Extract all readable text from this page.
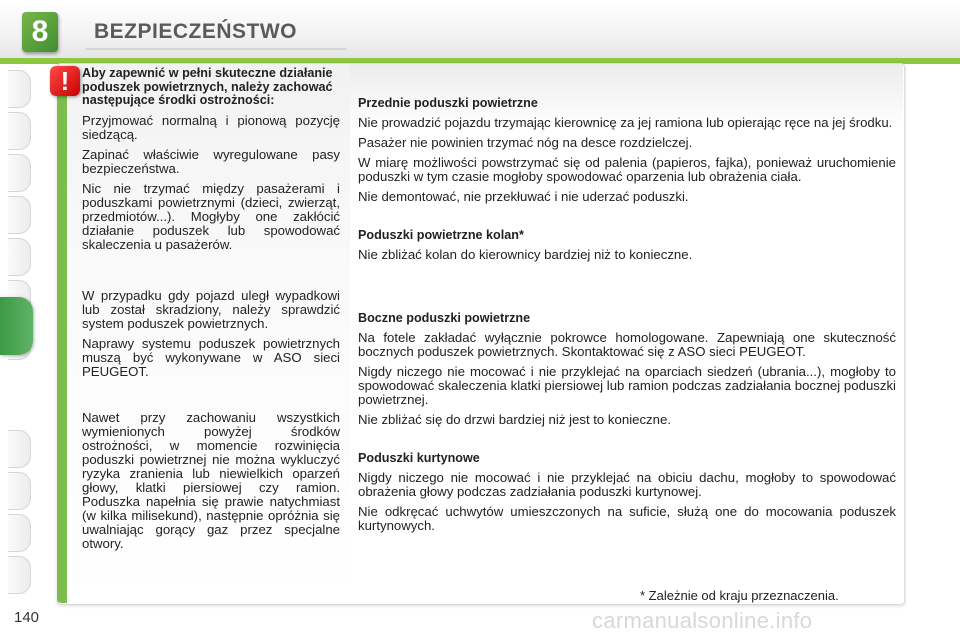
8	BEZPIECZEŃSTWO
!	Aby zapewnić w pełni skuteczne działanie poduszek powietrznych, należy zachować następujące środki ostrożności:

Przyjmować normalną i pionową pozycję siedzącą.

Zapinać właściwie wyregulowane pasy bezpieczeństwa.

Nic nie trzymać między pasażerami i poduszkami powietrznymi (dzieci, zwierząt, przedmiotów...). Mogłyby one zakłócić działanie poduszek lub spowodować skaleczenia u pasażerów.

W przypadku gdy pojazd uległ wypadkowi lub został skradziony, należy sprawdzić system poduszek powietrznych.

Naprawy systemu poduszek powietrznych muszą być wykonywane w ASO sieci PEUGEOT.

Nawet przy zachowaniu wszystkich wymienionych powyżej środków ostrożności, w momencie rozwinięcia poduszki powietrznej nie można wykluczyć ryzyka zranienia lub niewielkich oparzeń głowy, klatki piersiowej czy ramion. Poduszka napełnia się prawie natychmiast (w kilka milisekund), następnie opróżnia się uwalniając gorący gaz przez specjalne otwory.

Przednie poduszki powietrzne

Nie prowadzić pojazdu trzymając kierownicę za jej ramiona lub opierając ręce na jej środku.

Pasażer nie powinien trzymać nóg na desce rozdzielczej.

W miarę możliwości powstrzymać się od palenia (papieros, fajka), ponieważ uruchomienie poduszki w tym czasie mogłoby spowodować oparzenia lub obrażenia ciała.

Nie demontować, nie przekłuwać i nie uderzać poduszki.

Poduszki powietrzne kolan*

Nie zbliżać kolan do kierownicy bardziej niż to konieczne.

Boczne poduszki powietrzne

Na fotele zakładać wyłącznie pokrowce homologowane. Zapewniają one skuteczność bocznych poduszek powietrznych. Skontaktować się z ASO sieci PEUGEOT.

Nigdy niczego nie mocować i nie przyklejać na oparciach siedzeń (ubrania...), mogłoby to spowodować skaleczenia klatki piersiowej lub ramion podczas zadziałania bocznej poduszki powietrznej.

Nie zbliżać się do drzwi bardziej niż jest to konieczne.

Poduszki kurtynowe

Nigdy niczego nie mocować i nie przyklejać na obiciu dachu, mogłoby to spowodować obrażenia głowy podczas zadziałania poduszki kurtynowej.

Nie odkręcać uchwytów umieszczonych na suficie, służą one do mocowania poduszek kurtynowych.

* Zależnie od kraju przeznaczenia.
140	carmanualsonline.info
